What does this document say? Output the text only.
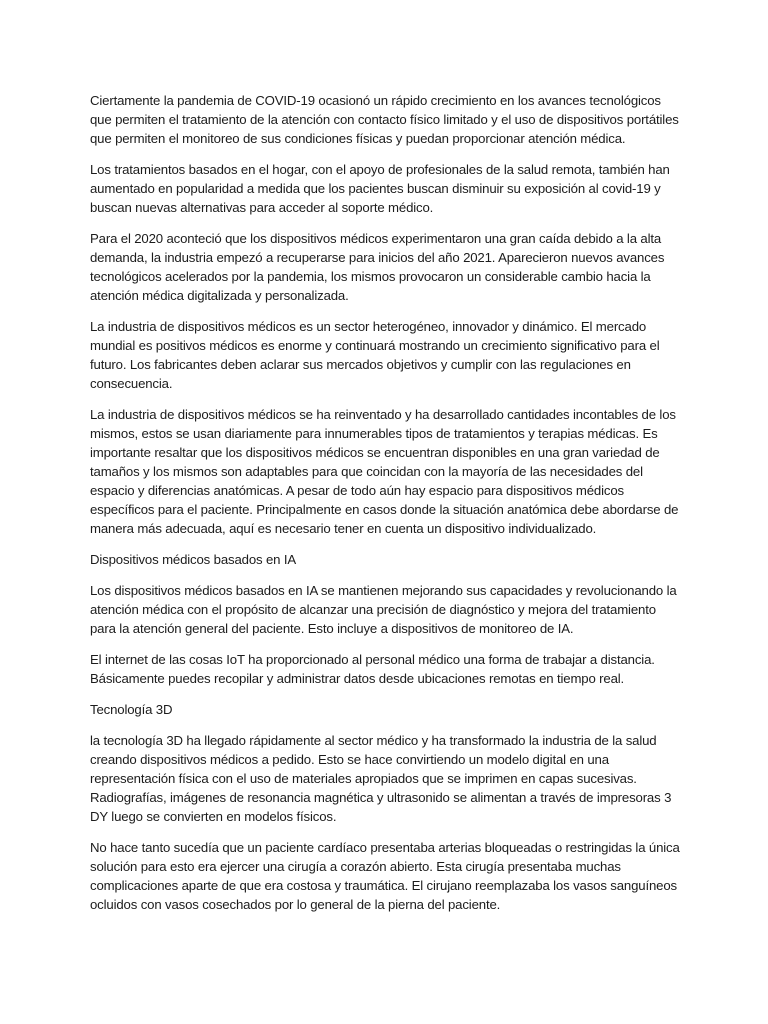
Ciertamente la pandemia de COVID-19 ocasionó un rápido crecimiento en los avances tecnológicos que permiten el tratamiento de la atención con contacto físico limitado y el uso de dispositivos portátiles que permiten el monitoreo de sus condiciones físicas y puedan proporcionar atención médica.

Los tratamientos basados en el hogar, con el apoyo de profesionales de la salud remota, también han aumentado en popularidad a medida que los pacientes buscan disminuir su exposición al covid-19 y buscan nuevas alternativas para acceder al soporte médico.

Para el 2020 aconteció que los dispositivos médicos experimentaron una gran caída debido a la alta demanda, la industria empezó a recuperarse para inicios del año 2021. Aparecieron nuevos avances tecnológicos acelerados por la pandemia, los mismos provocaron un considerable cambio hacia la atención médica digitalizada y personalizada.

La industria de dispositivos médicos es un sector heterogéneo, innovador y dinámico. El mercado mundial es positivos médicos es enorme y continuará mostrando un crecimiento significativo para el futuro. Los fabricantes deben aclarar sus mercados objetivos y cumplir con las regulaciones en consecuencia.

La industria de dispositivos médicos se ha reinventado y ha desarrollado cantidades incontables de los mismos, estos se usan diariamente para innumerables tipos de tratamientos y terapias médicas. Es importante resaltar que los dispositivos médicos se encuentran disponibles en una gran variedad de tamaños y los mismos son adaptables para que coincidan con la mayoría de las necesidades del espacio y diferencias anatómicas. A pesar de todo aún hay espacio para dispositivos médicos específicos para el paciente. Principalmente en casos donde la situación anatómica debe abordarse de manera más adecuada, aquí es necesario tener en cuenta un dispositivo individualizado.

Dispositivos médicos basados en IA

Los dispositivos médicos basados en IA se mantienen mejorando sus capacidades y revolucionando la atención médica con el propósito de alcanzar una precisión de diagnóstico y mejora del tratamiento para la atención general del paciente. Esto incluye a dispositivos de monitoreo de IA.

El internet de las cosas IoT ha proporcionado al personal médico una forma de trabajar a distancia. Básicamente puedes recopilar y administrar datos desde ubicaciones remotas en tiempo real.

Tecnología 3D

la tecnología 3D ha llegado rápidamente al sector médico y ha transformado la industria de la salud creando dispositivos médicos a pedido. Esto se hace convirtiendo un modelo digital en una representación física con el uso de materiales apropiados que se imprimen en capas sucesivas. Radiografías, imágenes de resonancia magnética y ultrasonido se alimentan a través de impresoras 3 DY luego se convierten en modelos físicos.

No hace tanto sucedía que un paciente cardíaco presentaba arterias bloqueadas o restringidas la única solución para esto era ejercer una cirugía a corazón abierto. Esta cirugía presentaba muchas complicaciones aparte de que era costosa y traumática. El cirujano reemplazaba los vasos sanguíneos ocluidos con vasos cosechados por lo general de la pierna del paciente.
